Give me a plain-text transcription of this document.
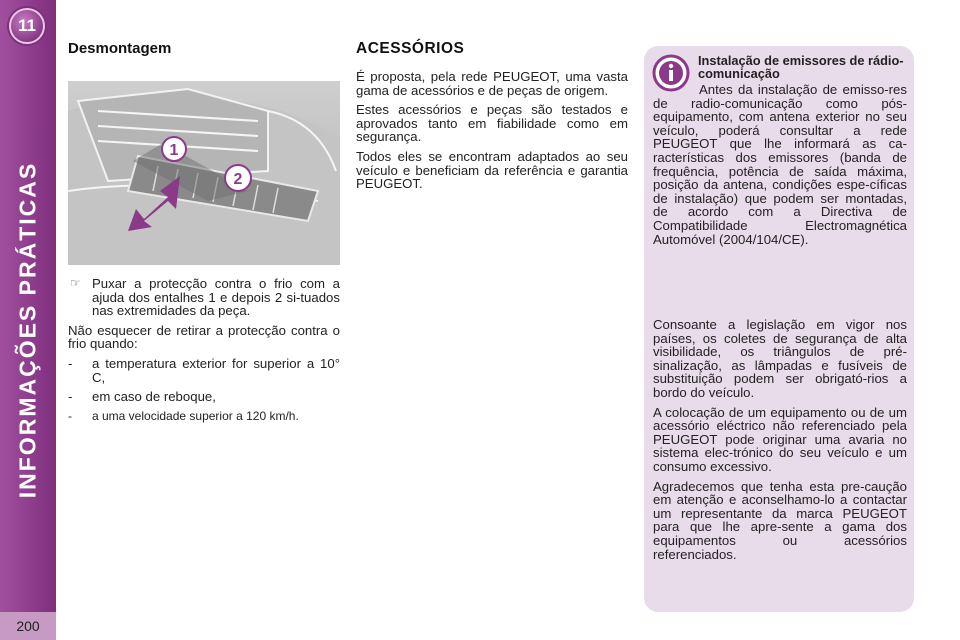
11
INFORMAÇÕES PRÁTICAS
200
Desmontagem
1
2

☞ Puxar a protecção contra o frio com a ajuda dos entalhes 1 e depois 2 si-tuados nas extremidades da peça.

Não esquecer de retirar a protecção contra o frio quando:

- a temperatura exterior for superior a 10° C,

- em caso de reboque,

- a uma velocidade superior a 120 km/h.

ACESSÓRIOS

É proposta, pela rede PEUGEOT, uma vasta gama de acessórios e de peças de origem.

Estes acessórios e peças são testados e aprovados tanto em fiabilidade como em segurança.

Todos eles se encontram adaptados ao seu veículo e beneficiam da referência e garantia PEUGEOT.

Instalação de emissores de rádio-comunicação

Antes da instalação de emisso-res de radio-comunicação como pós-equipamento, com antena exterior no seu veículo, poderá consultar a rede PEUGEOT que lhe informará as ca-racterísticas dos emissores (banda de frequência, potência de saída máxima, posição da antena, condições espe-cíficas de instalação) que podem ser montadas, de acordo com a Directiva de Compatibilidade Electromagnética Automóvel (2004/104/CE).

Consoante a legislação em vigor nos países, os coletes de segurança de alta visibilidade, os triângulos de pré-sinalização, as lâmpadas e fusíveis de substituição podem ser obrigató-rios a bordo do veículo.

A colocação de um equipamento ou de um acessório eléctrico não referenciado pela PEUGEOT pode originar uma avaria no sistema elec-trónico do seu veículo e um consumo excessivo.

Agradecemos que tenha esta pre-caução em atenção e aconselhamo-lo a contactar um representante da marca PEUGEOT para que lhe apre-sente a gama dos equipamentos ou acessórios referenciados.
